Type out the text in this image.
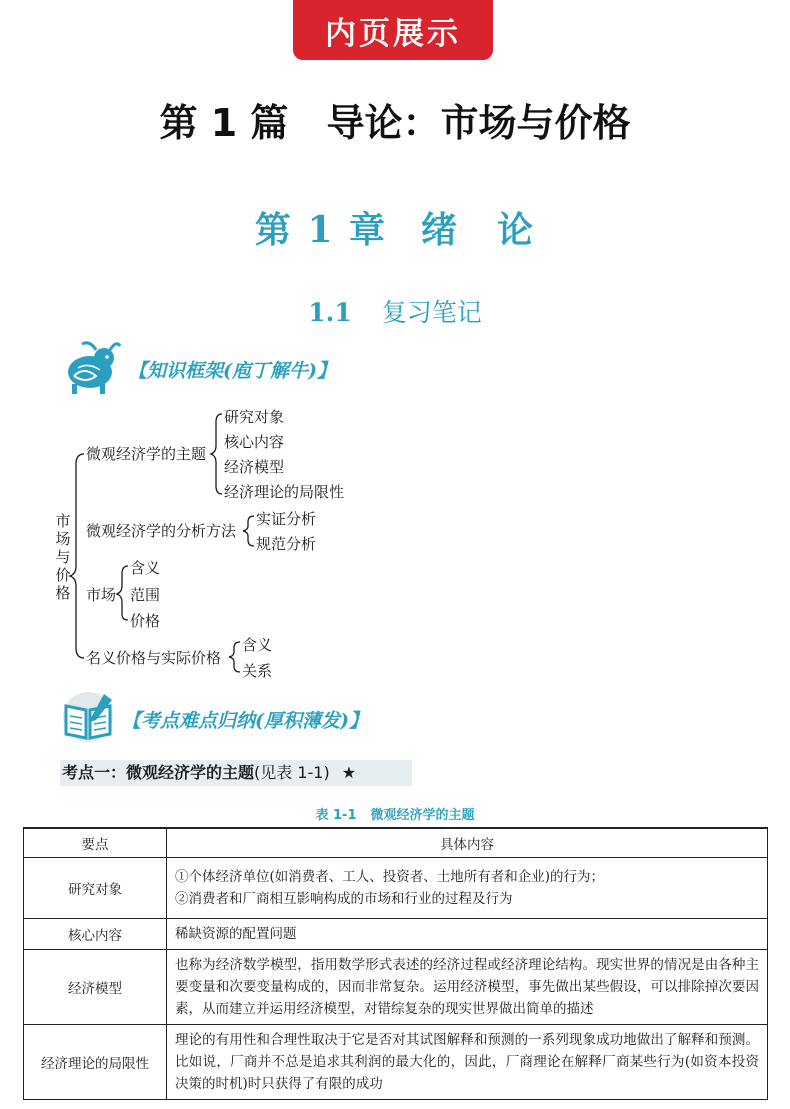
内页展示
第 1 篇 导论：市场与价格
第 1 章 绪　论
1.1 复习笔记
【知识框架(庖丁解牛)】
市
场
与
价
格
微观经济学的主题
研究对象
核心内容
经济模型
经济理论的局限性
微观经济学的分析方法
实证分析
规范分析
市场
含义
范围
价格
名义价格与实际价格
含义
关系
【考点难点归纳(厚积薄发)】
考点一：微观经济学的主题(见表 1-1) ★
表 1-1 微观经济学的主题
要点	具体内容
研究对象	①个体经济单位(如消费者、工人、投资者、土地所有者和企业)的行为；
②消费者和厂商相互影响构成的市场和行业的过程及行为

核心内容	稀缺资源的配置问题
经济模型	也称为经济数学模型，指用数学形式表述的经济过程或经济理论结构。现实世界的情况是由各种主要变量和次要变量构成的，因而非常复杂。运用经济模型，事先做出某些假设，可以排除掉次要因素，从而建立并运用经济模型，对错综复杂的现实世界做出简单的描述
经济理论的局限性	理论的有用性和合理性取决于它是否对其试图解释和预测的一系列现象成功地做出了解释和预测。比如说，厂商并不总是追求其利润的最大化的，因此，厂商理论在解释厂商某些行为(如资本投资决策的时机)时只获得了有限的成功
